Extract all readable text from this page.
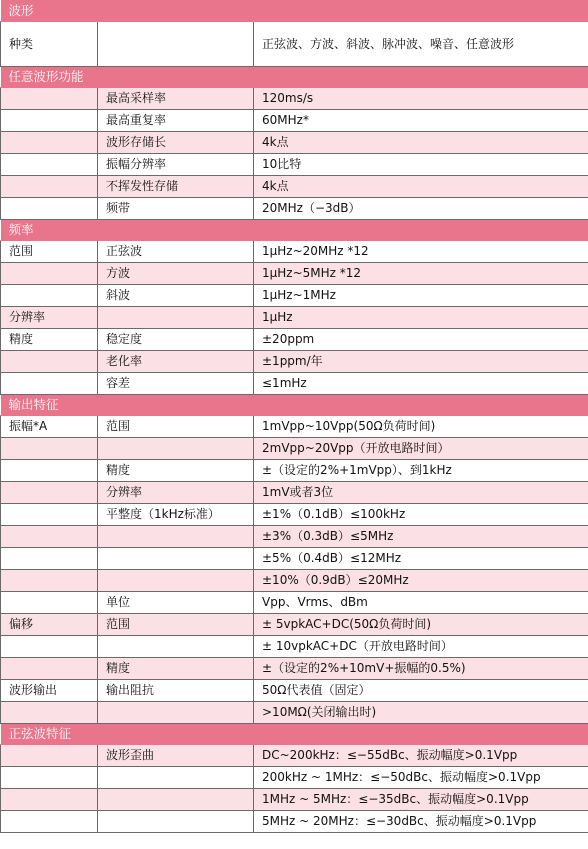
波形		
种类		正弦波、方波、斜波、脉冲波、噪音、任意波形
任意波形功能		
	最高采样率	120ms/s
	最高重复率	60MHz*
	波形存储长	4k点
	振幅分辨率	10比特
	不挥发性存储	4k点
	频带	20MHz（−3dB）
频率		
范围	正弦波	1μHz~20MHz *12
	方波	1μHz~5MHz *12
	斜波	1μHz~1MHz
分辨率		1μHz
精度	稳定度	±20ppm
	老化率	±1ppm/年
	容差	≤1mHz
输出特征		
振幅*A	范围	1mVpp~10Vpp(50Ω负荷时间)
		2mVpp~20Vpp（开放电路时间）
	精度	±（设定的2%+1mVpp）、到1kHz
	分辨率	1mV或者3位
	平整度（1kHz标准）	±1%（0.1dB）≤100kHz
		±3%（0.3dB）≤5MHz
		±5%（0.4dB）≤12MHz
		±10%（0.9dB）≤20MHz
	单位	Vpp、Vrms、dBm
偏移	范围	± 5vpkAC+DC(50Ω负荷时间)
		± 10vpkAC+DC（开放电路时间）
	精度	±（设定的2%+10mV+振幅的0.5%)
波形输出	输出阻抗	50Ω代表值（固定）
		>10MΩ(关闭输出时)
正弦波特征		
	波形歪曲	DC~200kHz：≤−55dBc、振动幅度>0.1Vpp
		200kHz ~ 1MHz：≤−50dBc、振动幅度>0.1Vpp
		1MHz ~ 5MHz：≤−35dBc、振动幅度>0.1Vpp
		5MHz ~ 20MHz：≤−30dBc、振动幅度>0.1Vpp
